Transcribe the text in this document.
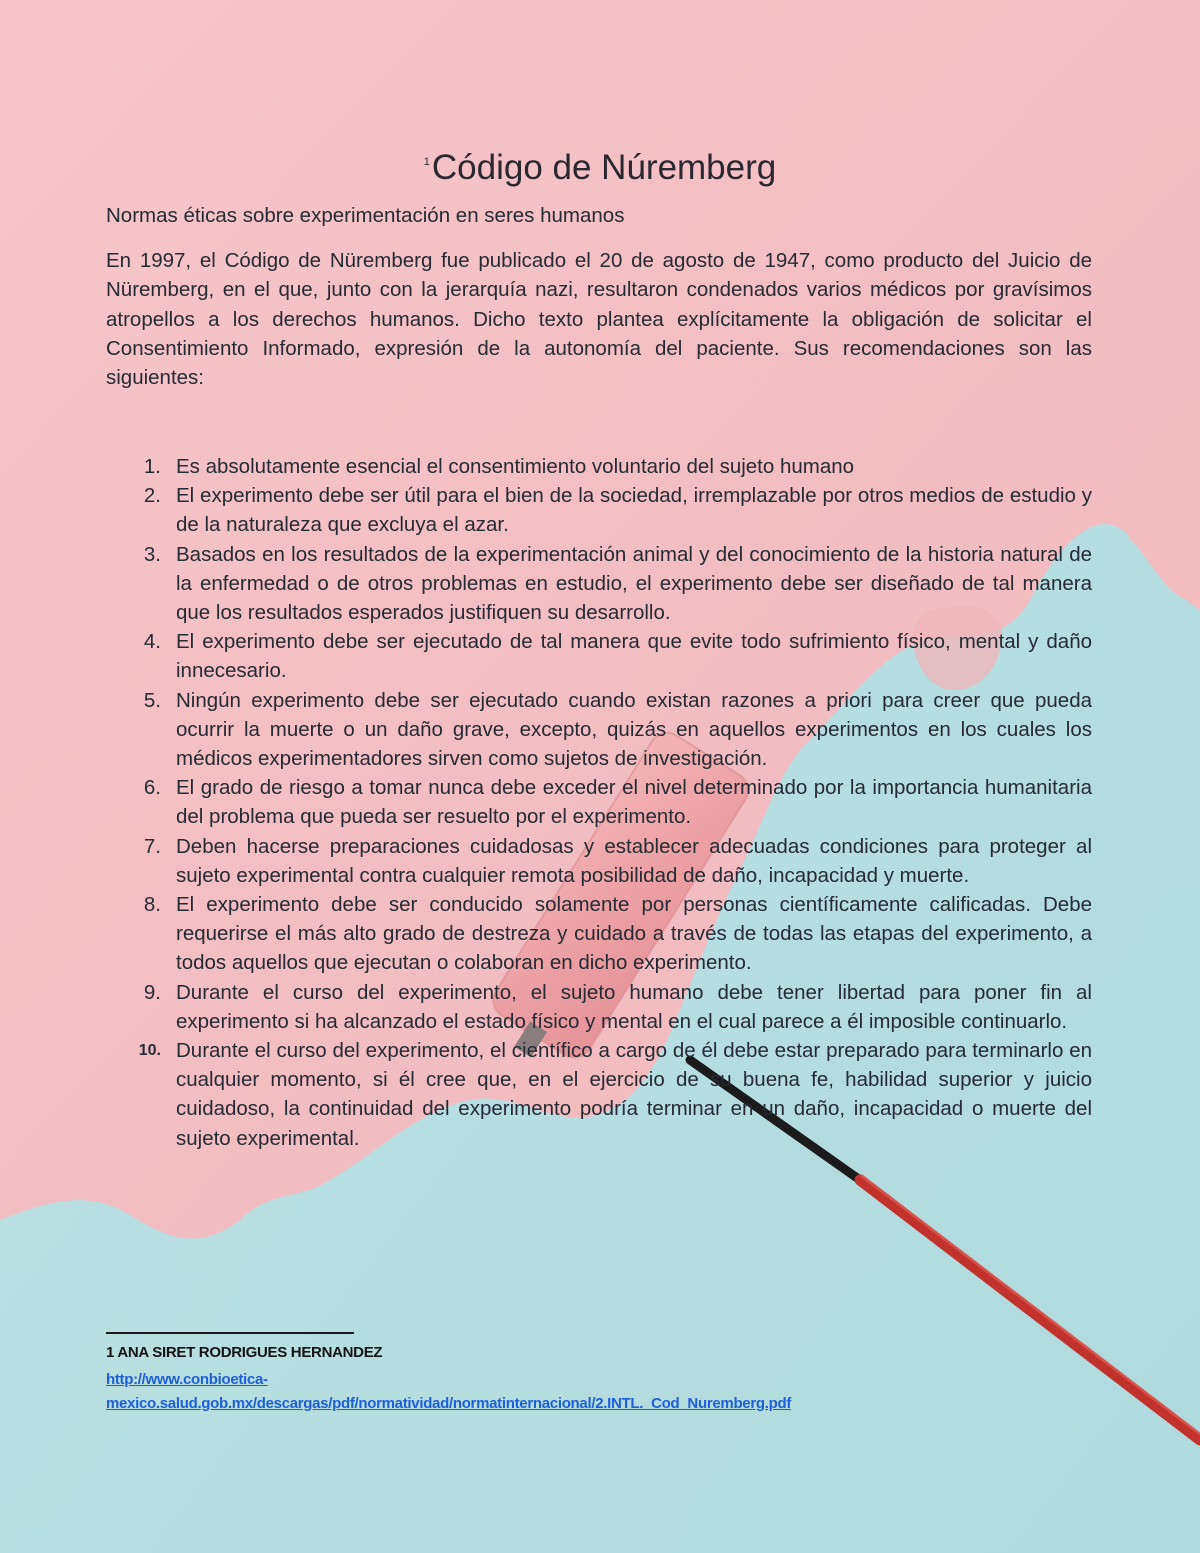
$^1$Código de Núremberg

Normas éticas sobre experimentación en seres humanos

En 1997, el Código de Nüremberg fue publicado el 20 de agosto de 1947, como producto del Juicio de Nüremberg, en el que, junto con la jerarquía nazi, resultaron condenados varios médicos por gravísimos atropellos a los derechos humanos. Dicho texto plantea explícitamente la obligación de solicitar el Consentimiento Informado, expresión de la autonomía del paciente. Sus recomendaciones son las siguientes:

1. Es absolutamente esencial el consentimiento voluntario del sujeto humano
2. El experimento debe ser útil para el bien de la sociedad, irremplazable por otros medios de estudio y de la naturaleza que excluya el azar.
3. Basados en los resultados de la experimentación animal y del conocimiento de la historia natural de la enfermedad o de otros problemas en estudio, el experimento debe ser diseñado de tal manera que los resultados esperados justifiquen su desarrollo.
4. El experimento debe ser ejecutado de tal manera que evite todo sufrimiento físico, mental y daño innecesario.
5. Ningún experimento debe ser ejecutado cuando existan razones a priori para creer que pueda ocurrir la muerte o un daño grave, excepto, quizás en aquellos experimentos en los cuales los médicos experimentadores sirven como sujetos de investigación.
6. El grado de riesgo a tomar nunca debe exceder el nivel determinado por la importancia humanitaria del problema que pueda ser resuelto por el experimento.
7. Deben hacerse preparaciones cuidadosas y establecer adecuadas condiciones para proteger al sujeto experimental contra cualquier remota posibilidad de daño, incapacidad y muerte.
8. El experimento debe ser conducido solamente por personas científicamente calificadas. Debe requerirse el más alto grado de destreza y cuidado a través de todas las etapas del experimento, a todos aquellos que ejecutan o colaboran en dicho experimento.
9. Durante el curso del experimento, el sujeto humano debe tener libertad para poner fin al experimento si ha alcanzado el estado físico y mental en el cual parece a él imposible continuarlo.
10. Durante el curso del experimento, el científico a cargo de él debe estar preparado para terminarlo en cualquier momento, si él cree que, en el ejercicio de su buena fe, habilidad superior y juicio cuidadoso, la continuidad del experimento podría terminar en un daño, incapacidad o muerte del sujeto experimental.

1 ANA SIRET RODRIGUES HERNANDEZ

http://www.conbioetica-
mexico.salud.gob.mx/descargas/pdf/normatividad/normatinternacional/2.INTL._Cod_Nuremberg.pdf
